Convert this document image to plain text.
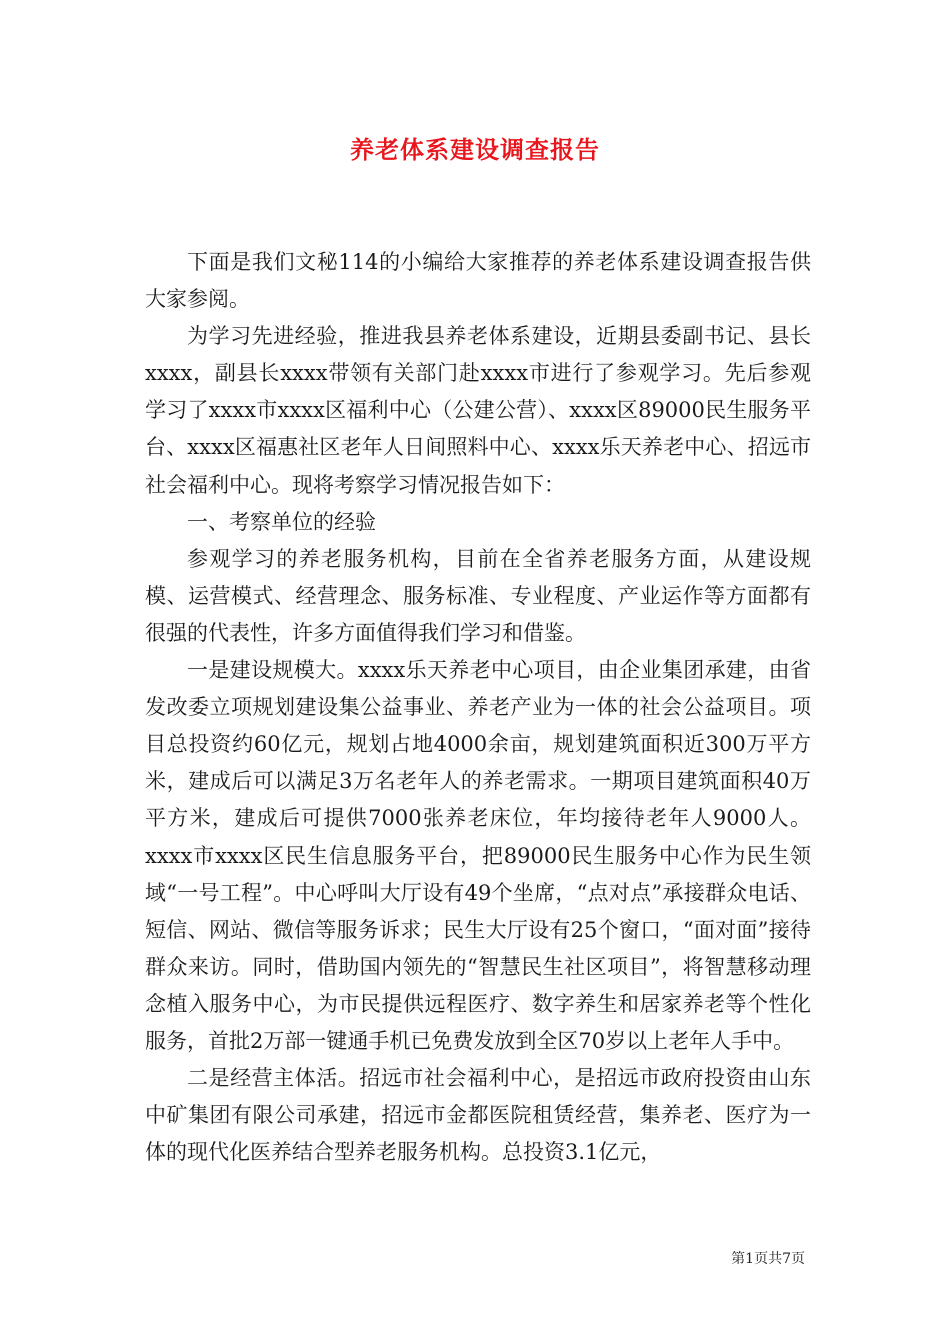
养老体系建设调查报告

下面是我们文秘114的小编给大家推荐的养老体系建设调查报告供大家参阅。

为学习先进经验，推进我县养老体系建设，近期县委副书记、县长xxxx，副县长xxxx带领有关部门赴xxxx市进行了参观学习。先后参观学习了xxxx市xxxx区福利中心（公建公营）、xxxx区89000民生服务平台、xxxx区福惠社区老年人日间照料中心、xxxx乐天养老中心、招远市社会福利中心。现将考察学习情况报告如下：

一、考察单位的经验

参观学习的养老服务机构，目前在全省养老服务方面，从建设规模、运营模式、经营理念、服务标准、专业程度、产业运作等方面都有很强的代表性，许多方面值得我们学习和借鉴。

一是建设规模大。xxxx乐天养老中心项目，由企业集团承建，由省发改委立项规划建设集公益事业、养老产业为一体的社会公益项目。项目总投资约60亿元，规划占地4000余亩，规划建筑面积近300万平方米，建成后可以满足3万名老年人的养老需求。一期项目建筑面积40万平方米，建成后可提供7000张养老床位，年均接待老年人9000人。xxxx市xxxx区民生信息服务平台，把89000民生服务中心作为民生领域“一号工程”。中心呼叫大厅设有49个坐席，“点对点”承接群众电话、短信、网站、微信等服务诉求；民生大厅设有25个窗口，“面对面”接待群众来访。同时，借助国内领先的“智慧民生社区项目”，将智慧移动理念植入服务中心，为市民提供远程医疗、数字养生和居家养老等个性化服务，首批2万部一键通手机已免费发放到全区70岁以上老年人手中。

二是经营主体活。招远市社会福利中心，是招远市政府投资由山东中矿集团有限公司承建，招远市金都医院租赁经营，集养老、医疗为一体的现代化医养结合型养老服务机构。总投资3.1亿元，

第1页共7页
